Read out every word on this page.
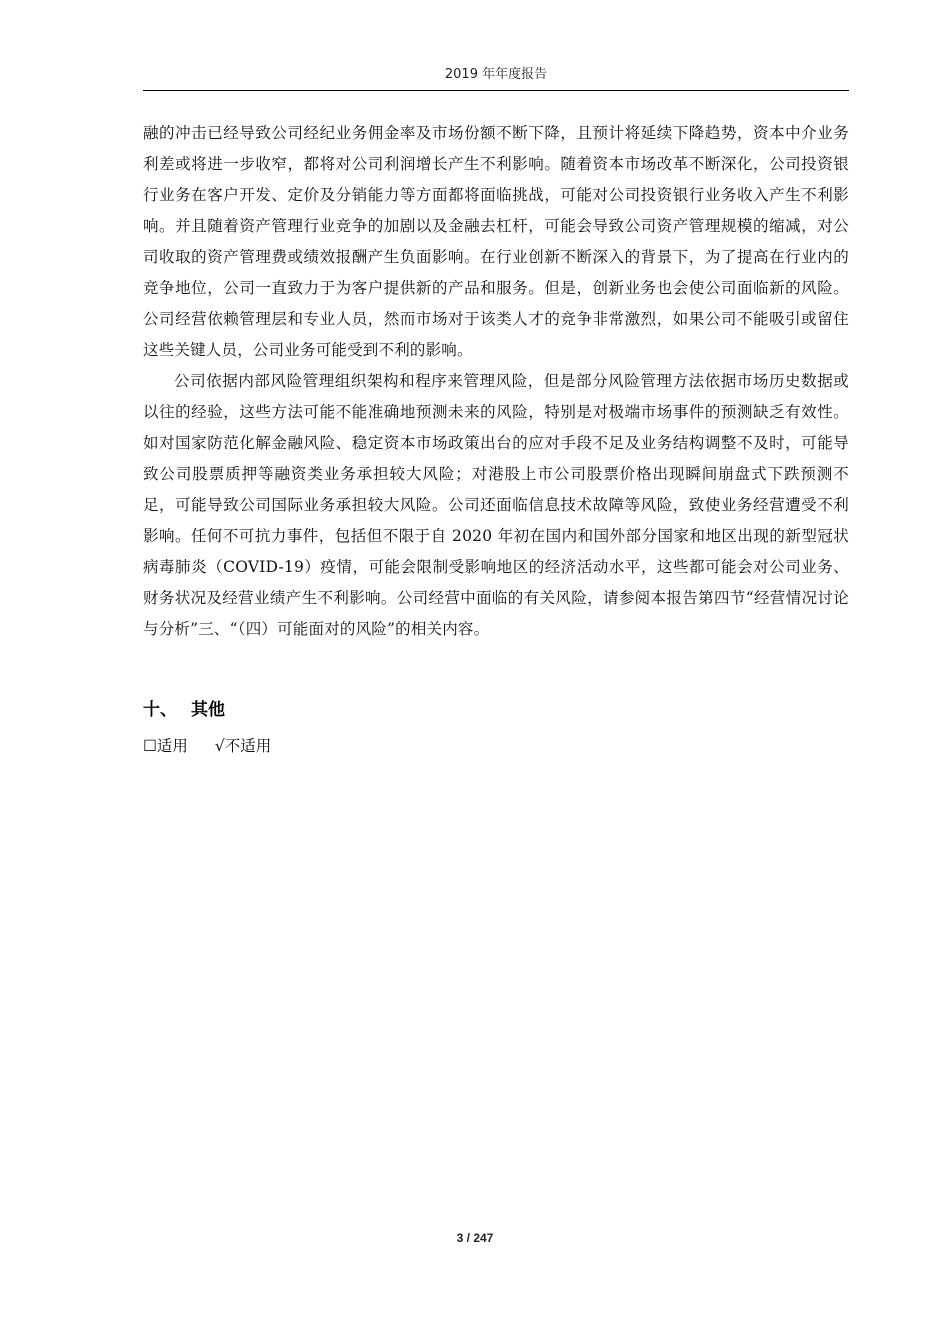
2019 年年度报告

融的冲击已经导致公司经纪业务佣金率及市场份额不断下降，且预计将延续下降趋势，资本中介业务利差或将进一步收窄，都将对公司利润增长产生不利影响。随着资本市场改革不断深化，公司投资银行业务在客户开发、定价及分销能力等方面都将面临挑战，可能对公司投资银行业务收入产生不利影响。并且随着资产管理行业竞争的加剧以及金融去杠杆，可能会导致公司资产管理规模的缩减，对公司收取的资产管理费或绩效报酬产生负面影响。在行业创新不断深入的背景下，为了提高在行业内的竞争地位，公司一直致力于为客户提供新的产品和服务。但是，创新业务也会使公司面临新的风险。公司经营依赖管理层和专业人员，然而市场对于该类人才的竞争非常激烈，如果公司不能吸引或留住这些关键人员，公司业务可能受到不利的影响。

公司依据内部风险管理组织架构和程序来管理风险，但是部分风险管理方法依据市场历史数据或以往的经验，这些方法可能不能准确地预测未来的风险，特别是对极端市场事件的预测缺乏有效性。如对国家防范化解金融风险、稳定资本市场政策出台的应对手段不足及业务结构调整不及时，可能导致公司股票质押等融资类业务承担较大风险；对港股上市公司股票价格出现瞬间崩盘式下跌预测不足，可能导致公司国际业务承担较大风险。公司还面临信息技术故障等风险，致使业务经营遭受不利影响。任何不可抗力事件，包括但不限于自 2020 年初在国内和国外部分国家和地区出现的新型冠状病毒肺炎（COVID-19）疫情，可能会限制受影响地区的经济活动水平，这些都可能会对公司业务、财务状况及经营业绩产生不利影响。公司经营中面临的有关风险，请参阅本报告第四节“经营情况讨论与分析”三、“（四）可能面对的风险”的相关内容。

十、 其他
☐适用 √不适用
3 / 247
